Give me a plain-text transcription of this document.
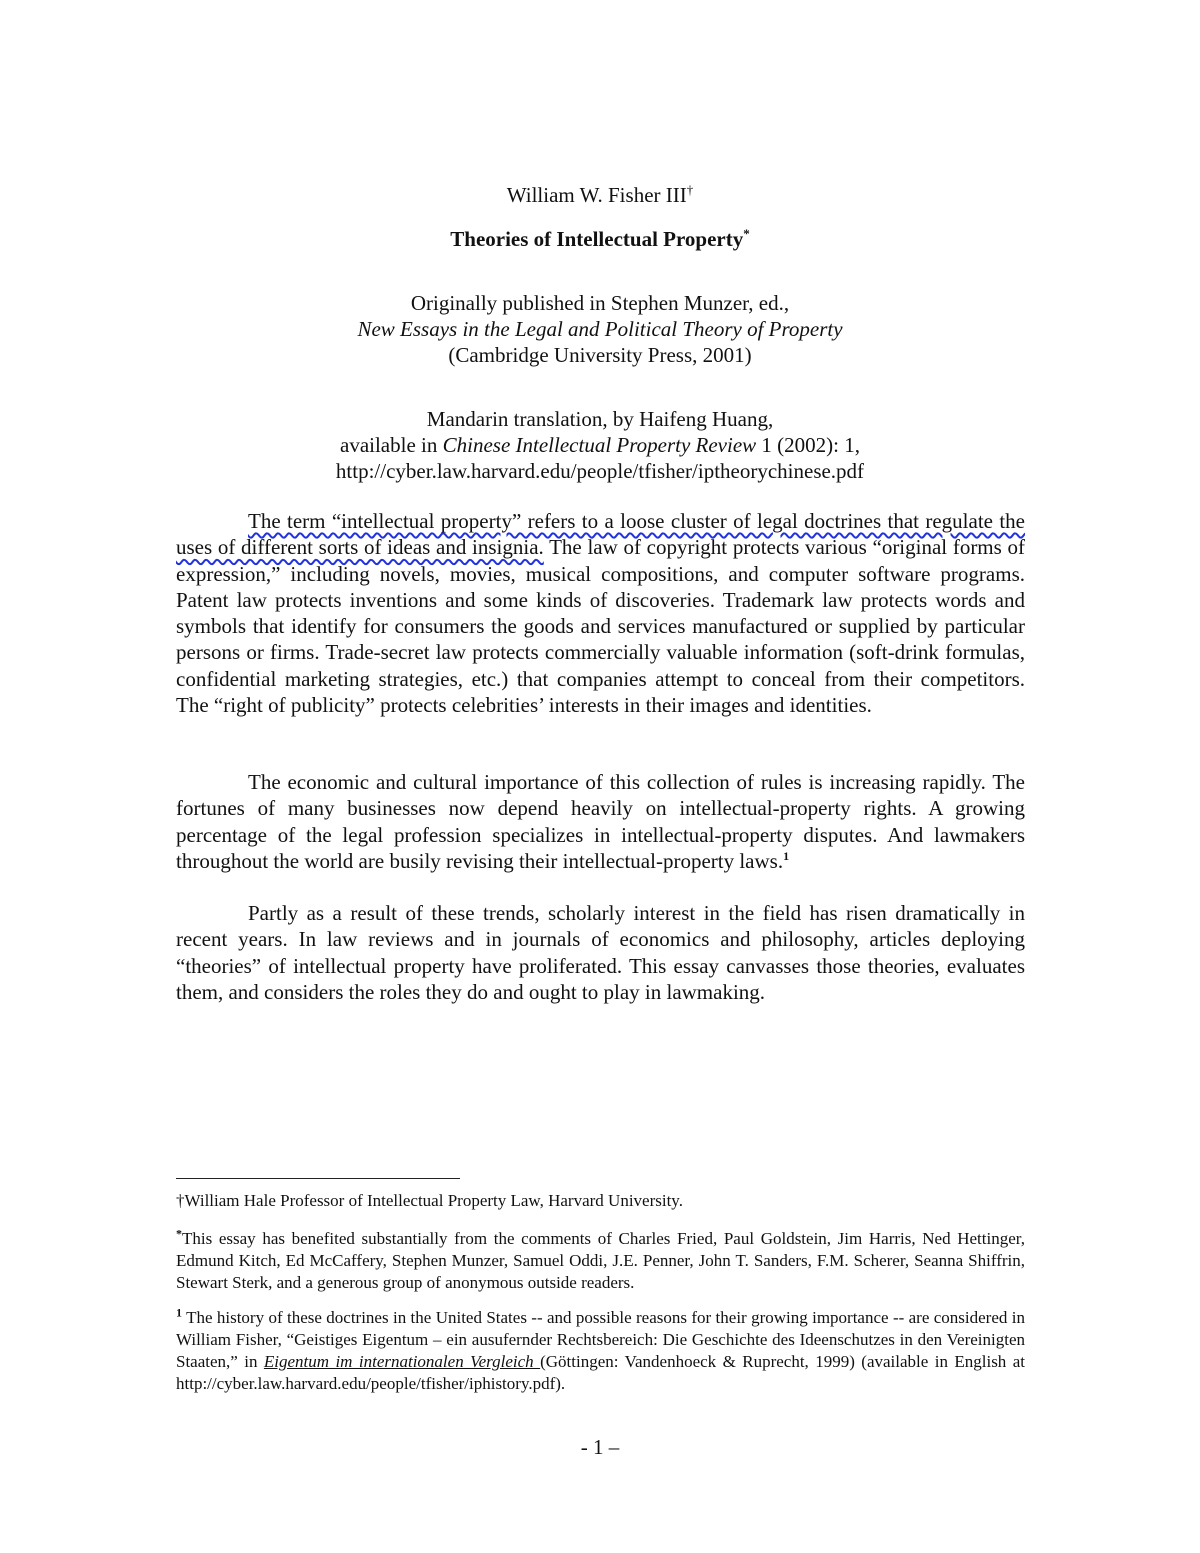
William W. Fisher III†
Theories of Intellectual Property*
Originally published in Stephen Munzer, ed.,
New Essays in the Legal and Political Theory of Property
(Cambridge University Press, 2001)
Mandarin translation, by Haifeng Huang,
available in Chinese Intellectual Property Review 1 (2002): 1,
http://cyber.law.harvard.edu/people/tfisher/iptheorychinese.pdf

The term “intellectual property” refers to a loose cluster of legal doctrines that regulate the uses of different sorts of ideas and insignia. The law of copyright protects various “original forms of expression,” including novels, movies, musical compositions, and computer software programs. Patent law protects inventions and some kinds of discoveries. Trademark law protects words and symbols that identify for consumers the goods and services manufactured or supplied by particular persons or firms. Trade-secret law protects commercially valuable information (soft-drink formulas, confidential marketing strategies, etc.) that companies attempt to conceal from their competitors. The “right of publicity” protects celebrities’ interests in their images and identities.

The economic and cultural importance of this collection of rules is increasing rapidly. The fortunes of many businesses now depend heavily on intellectual-property rights. A growing percentage of the legal profession specializes in intellectual-property disputes. And lawmakers throughout the world are busily revising their intellectual-property laws.$^1$

Partly as a result of these trends, scholarly interest in the field has risen dramatically in recent years. In law reviews and in journals of economics and philosophy, articles deploying “theories” of intellectual property have proliferated. This essay canvasses those theories, evaluates them, and considers the roles they do and ought to play in lawmaking.

†William Hale Professor of Intellectual Property Law, Harvard University.

*This essay has benefited substantially from the comments of Charles Fried, Paul Goldstein, Jim Harris, Ned Hettinger, Edmund Kitch, Ed McCaffery, Stephen Munzer, Samuel Oddi, J.E. Penner, John T. Sanders, F.M. Scherer, Seanna Shiffrin, Stewart Sterk, and a generous group of anonymous outside readers.

$^1$ The history of these doctrines in the United States -- and possible reasons for their growing importance -- are considered in William Fisher, “Geistiges Eigentum – ein ausufernder Rechtsbereich: Die Geschichte des Ideenschutzes in den Vereinigten Staaten,” in Eigentum im internationalen Vergleich (Göttingen: Vandenhoeck & Ruprecht, 1999) (available in English at http://cyber.law.harvard.edu/people/tfisher/iphistory.pdf).

- 1 –
